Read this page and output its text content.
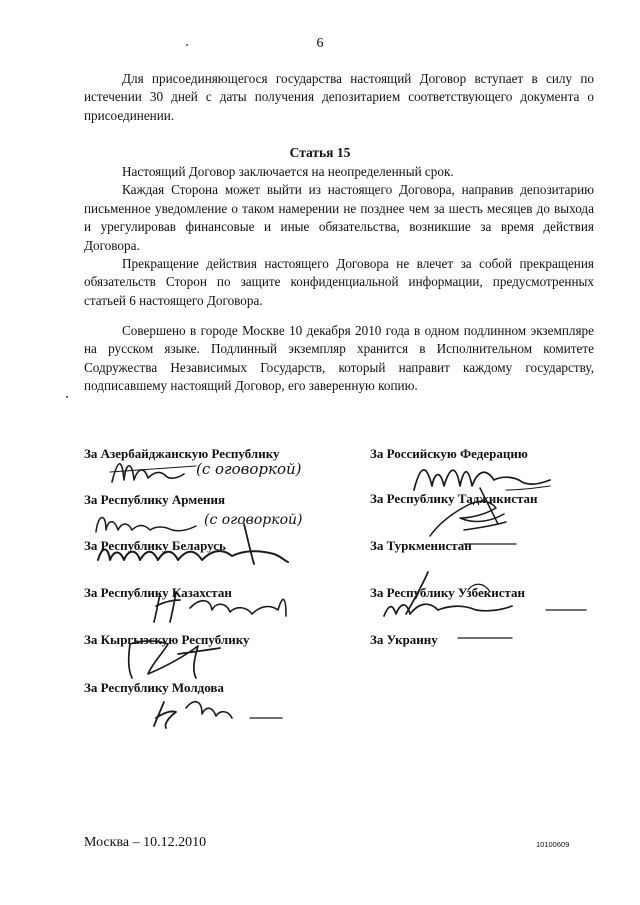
6

Для присоединяющегося государства настоящий Договор вступает в силу по истечении 30 дней с даты получения депозитарием соответствующего документа о присоединении.

Статья 15

Настоящий Договор заключается на неопределенный срок.

Каждая Сторона может выйти из настоящего Договора, направив депозитарию письменное уведомление о таком намерении не позднее чем за шесть месяцев до выхода и урегулировав финансовые и иные обязательства, возникшие за время действия Договора.

Прекращение действия настоящего Договора не влечет за собой прекращения обязательств Сторон по защите конфиденциальной информации, предусмотренных статьей 6 настоящего Договора.

Совершено в городе Москве 10 декабря 2010 года в одном подлинном экземпляре на русском языке. Подлинный экземпляр хранится в Исполнительном комитете Содружества Независимых Государств, который направит каждому государству, подписавшему настоящий Договор, его заверенную копию.

За Азербайджанскую Республику
За Республику Армения
За Республику Беларусь
За Республику Казахстан
За Кыргызскую Республику
За Республику Молдова
За Российскую Федерацию
За Республику Таджикистан
За Туркменистан
За Республику Узбекистан
За Украину
(с оговоркой)
(с оговоркой)
Москва – 10.12.2010	10100609
